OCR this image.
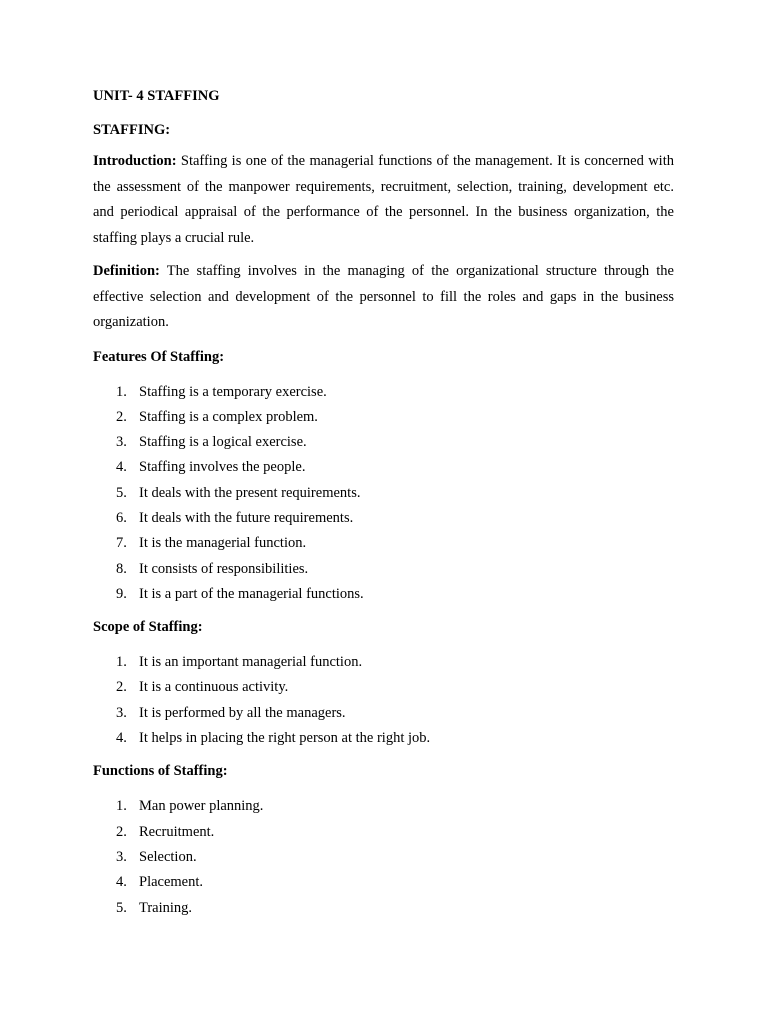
UNIT- 4 STAFFING

STAFFING:

Introduction: Staffing is one of the managerial functions of the management. It is concerned with the assessment of the manpower requirements, recruitment, selection, training, development etc. and periodical appraisal of the performance of the personnel. In the business organization, the staffing plays a crucial rule.

Definition: The staffing involves in the managing of the organizational structure through the effective selection and development of the personnel to fill the roles and gaps in the business organization.

Features Of Staffing:

1. Staffing is a temporary exercise.
2. Staffing is a complex problem.
3. Staffing is a logical exercise.
4. Staffing involves the people.
5. It deals with the present requirements.
6. It deals with the future requirements.
7. It is the managerial function.
8. It consists of responsibilities.
9. It is a part of the managerial functions.

Scope of Staffing:

1. It is an important managerial function.
2. It is a continuous activity.
3. It is performed by all the managers.
4. It helps in placing the right person at the right job.

Functions of Staffing:

1. Man power planning.
2. Recruitment.
3. Selection.
4. Placement.
5. Training.
